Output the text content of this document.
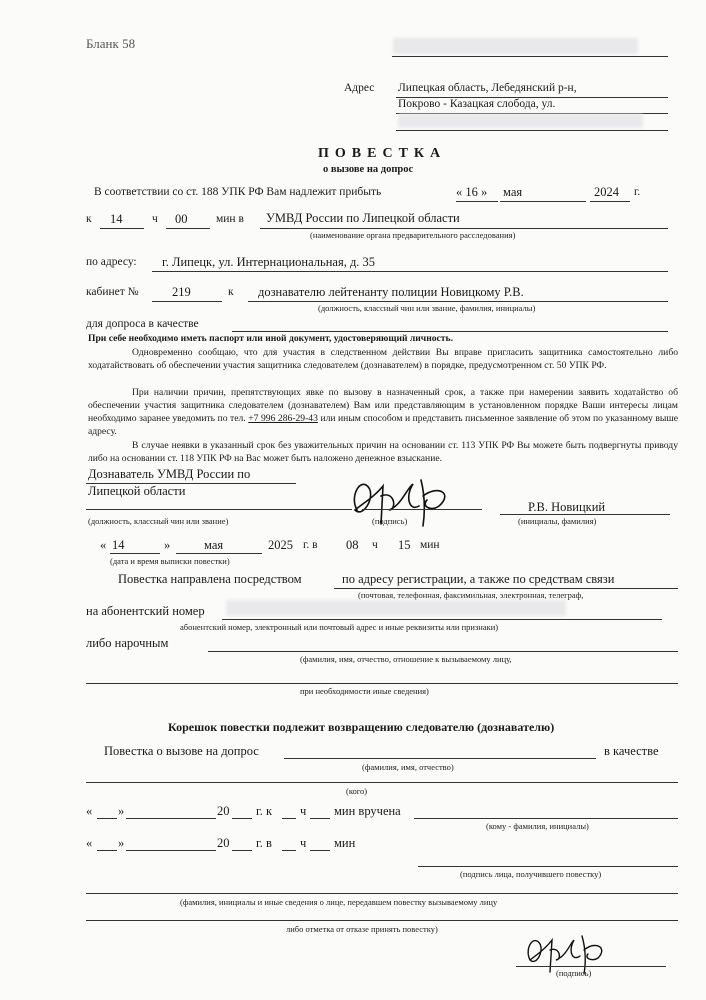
Бланк 58
Адрес Липецкая область, Лебедянский р-н,
Покрово - Казацкая слобода, ул.
ПОВЕСТКА
о вызове на допрос
В соответствии со ст. 188 УПК РФ Вам надлежит прибыть	« 16 » мая	2024 г.
к 14	ч 00 мин в УМВД России по Липецкой области
(наименование органа предварительного расследования)
по адресу: г. Липецк, ул. Интернациональная, д. 35
кабинет №	219	к дознавателю лейтенанту полиции Новицкому Р.В.
(должность, классный чин или звание, фамилия, инициалы)
для допроса в качестве
При себе необходимо иметь паспорт или иной документ, удостоверяющий личность.
Одновременно сообщаю, что для участия в следственном действии Вы вправе пригласить защитника самостоятельно либо ходатайствовать об обеспечении участия защитника следователем (дознавателем) в порядке, предусмотренном ст. 50 УПК РФ.
При наличии причин, препятствующих явке по вызову в назначенный срок, а также при намерении заявить ходатайство об обеспечении участия защитника следователем (дознавателем) Вам или представляющим в установленном порядке Ваши интересы лицам необходимо заранее уведомить по тел. +7 996 286-29-43 или иным способом и представить письменное заявление об этом по указанному выше адресу.
В случае неявки в указанный срок без уважительных причин на основании ст. 113 УПК РФ Вы можете быть подвергнуты приводу либо на основании ст. 118 УПК РФ на Вас может быть наложено денежное взыскание.
Дознаватель УМВД России по
Липецкой области
(должность, классный чин или звание)	(подпись)
Р.В. Новицкий
(инициалы, фамилия)
« 14	»	мая	2025 г. в 08 ч 15 мин
(дата и время выписки повестки)
Повестка направлена посредством	по адресу регистрации, а также по средствам связи
(почтовая, телефонная, факсимильная, электронная, телеграф,
на абонентский номер
абонентский номер, электронный или почтовый адрес и иные реквизиты или признаки)
либо нарочным
(фамилия, имя, отчество, отношение к вызываемому лицу,
при необходимости иные сведения)
Корешок повестки подлежит возвращению следователю (дознавателю)
Повестка о вызове на допрос	в качестве
(фамилия, имя, отчество)
(кого)
« »	20 г. к ч мин вручена
(кому - фамилия, инициалы)
« »	20 г. в ч мин
(подпись лица, получившего повестку)
(фамилия, инициалы и иные сведения о лице, передавшем повестку вызываемому лицу
либо отметка от отказе принять повестку)
(подпись)
